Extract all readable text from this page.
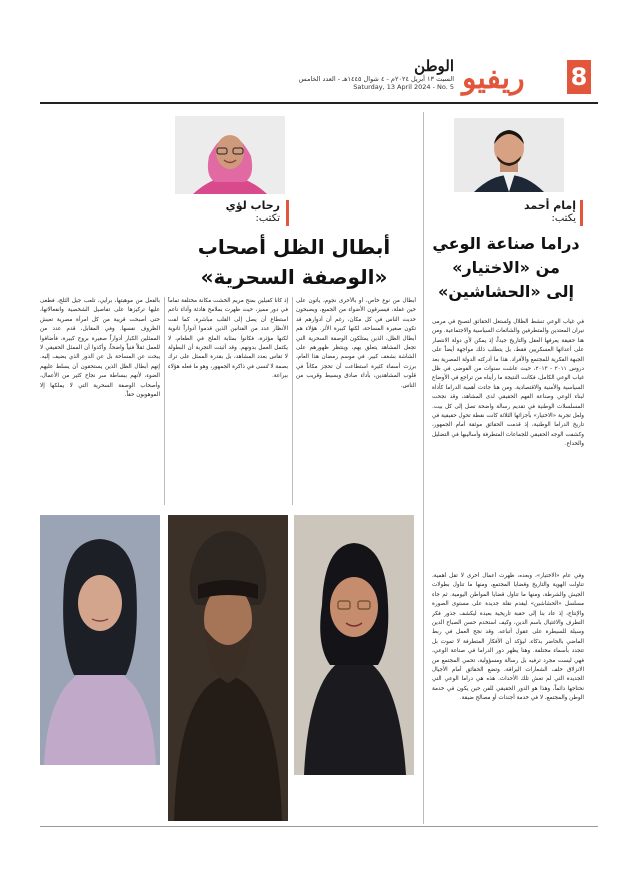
8
ريفيو
الوطن
السبت ١٣ أبريل ٢٠٢٤م - ٤ شوال ١٤٤٥هـ - العدد الخامس
Saturday, 13 April 2024 - No. 5
إمام أحمد
يكتب:
دراما صناعة الوعي
من «الاختيار»
إلى «الحشاشين»
في غياب الوعي تنشط الظلال وتُستغل الحقائق لتصبح في مرمى نيران المعتدين والمتطرفين والشائعات السياسية والاجتماعية. ومن هنا حقيقة يعرفها العقل والتاريخ جيداً، إذ يمكن لأي دولة الانتصار على أعدائها العسكريين فقط، بل يتطلب ذلك مواجهة أيضاً على الجبهة الفكرية للمجتمع والأفراد. هذا ما أدركته الدولة المصرية بعد دروس ٢٠١١ - ٢٠١٣، حيث عاشت سنوات من الفوضى في ظل غياب الوعي الكامل، فكانت النتيجة ما رأيناه من تراجع في الأوضاع السياسية والأمنية والاقتصادية. ومن هنا جاءت أهمية الدراما كأداة لبناء الوعي وصناعة الفهم الحقيقي لدى المشاهد، وقد نجحت المسلسلات الوطنية في تقديم رسالة واضحة تصل إلى كل بيت. ولعل تجربة «الاختيار» بأجزائها الثلاثة كانت نقطة تحول حقيقية في تاريخ الدراما الوطنية، إذ قدمت الحقائق موثقة أمام الجمهور، وكشفت الوجه الحقيقي للجماعات المتطرفة وأساليبها في التضليل والخداع.
وفي عام «الاختيار»، وبعده، ظهرت أعمال أخرى لا تقل أهمية، تناولت الهوية والتاريخ وقضايا المجتمع، ومنها ما تناول بطولات الجيش والشرطة، ومنها ما تناول قضايا المواطن اليومية. ثم جاء مسلسل «الحشاشين» ليقدم نقلة جديدة على مستوى الصورة والإنتاج، إذ عاد بنا إلى حقبة تاريخية بعيدة ليكشف جذور فكر التطرف والاغتيال باسم الدين، وكيف استخدم حسن الصباح الدين وسيلة للسيطرة على عقول أتباعه. وقد نجح العمل في ربط الماضي بالحاضر بذكاء، ليؤكد أن الأفكار المتطرفة لا تموت بل تتجدد بأسماء مختلفة. وهنا يظهر دور الدراما في صناعة الوعي، فهي ليست مجرد ترفيه بل رسالة ومسؤولية، تحمي المجتمع من الانزلاق خلف الشعارات البراقة، وتضع الحقائق أمام الأجيال الجديدة التي لم تعش تلك الأحداث. هذه هي دراما الوعي التي نحتاجها دائماً، وهذا هو الدور الحقيقي للفن حين يكون في خدمة الوطن والمجتمع، لا في خدمة أجندات أو مصالح ضيقة.
رحاب لؤي
تكتب:
أبطال الظل أصحاب
«الوصفة السحرية»
أبطال من نوع خاص، أو بالأحرى نجوم، يأتون على حين غفلة، فيسرقون الأضواء من الجميع، ويصبحون حديث الناس في كل مكان، رغم أن أدوارهم قد تكون صغيرة المساحة، لكنها كبيرة الأثر. هؤلاء هم أبطال الظل، الذين يمتلكون الوصفة السحرية التي تجعل المشاهد يتعلق بهم، وينتظر ظهورهم على الشاشة بشغف كبير. في موسم رمضان هذا العام، برزت أسماء كثيرة استطاعت أن تحجز مكاناً في قلوب المشاهدين، بأداء صادق وبسيط وقريب من الناس.
إذ كانا كفيلين بمنح مريم الخشت مكانة مختلفة تماماً في دور مميز، حيث ظهرت بملامح هادئة وأداء ناعم استطاع أن يصل إلى القلب مباشرة. كما لفت الأنظار عدد من الفنانين الذين قدموا أدواراً ثانوية لكنها مؤثرة، فكانوا بمثابة الملح في الطعام، لا يكتمل العمل بدونهم. وقد أثبتت التجربة أن البطولة لا تقاس بعدد المشاهد، بل بقدرة الممثل على ترك بصمة لا تُنسى في ذاكرة الجمهور، وهو ما فعله هؤلاء ببراعة.
بالفعل من موهبتها، برأيي، تلعب جيل الثلج، فطغى عليها تركيزها على تفاصيل الشخصية وانفعالاتها، حتى أصبحت قريبة من كل امرأة مصرية تعيش الظروف نفسها. وفي المقابل، قدم عدد من الممثلين الكبار أدواراً صغيرة بروح كبيرة، فأضافوا للعمل ثقلاً فنياً واضحاً، وأكدوا أن الممثل الحقيقي لا يبحث عن المساحة بل عن الدور الذي يضيف إليه. إنهم أبطال الظل الذين يستحقون أن يسلط عليهم الضوء، لأنهم ببساطة سر نجاح كثير من الأعمال، وأصحاب الوصفة السحرية التي لا يملكها إلا الموهوبون حقاً.
